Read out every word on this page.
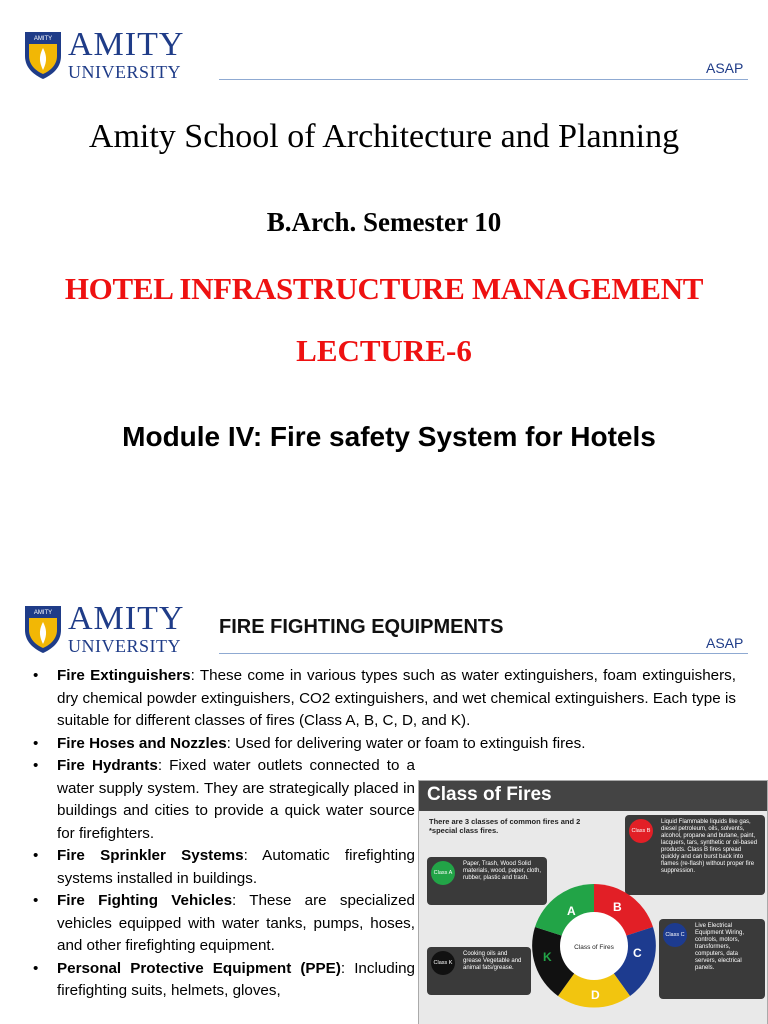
AMITY AMITY
UNIVERSITY	ASAP
Amity School of Architecture and Planning
B.Arch. Semester 10
HOTEL INFRASTRUCTURE MANAGEMENT
LECTURE-6
Module IV: Fire safety System for Hotels
AMITY AMITY
UNIVERSITY
FIRE FIGHTING EQUIPMENTS
ASAP
• Fire Extinguishers: These come in various types such as water extinguishers, foam extinguishers, dry chemical powder extinguishers, CO2 extinguishers, and wet chemical extinguishers. Each type is suitable for different classes of fires (Class A, B, C, D, and K).
• Fire Hoses and Nozzles: Used for delivering water or foam to extinguish fires.
• Fire Hydrants: Fixed water outlets connected to a water supply system. They are strategically placed in buildings and cities to provide a quick water source for firefighters.
• Fire Sprinkler Systems: Automatic firefighting systems installed in buildings.
• Fire Fighting Vehicles: These are specialized vehicles equipped with water tanks, pumps, hoses, and other firefighting equipment.
• Personal Protective Equipment (PPE): Including firefighting suits, helmets, gloves,
Class of Fires
There are 3 classes of common fires and 2 *special class fires.	Class B
Liquid Flammable liquids like gas, diesel petroleum, oils, solvents, alcohol, propane and butane, paint, lacquers, tars, synthetic or oil-based products. Class B fires spread quickly and can burst back into flames (re-flash) without proper fire suppression.
Class A
Paper, Trash, Wood Solid materials, wood, paper, cloth, rubber, plastic and trash.
Class C
Live Electrical Equipment Wiring, controls, motors, transformers, computers, data servers, electrical panels.
Class K
Cooking oils and grease Vegetable and animal fats/grease.
Class of Fires
A	B
C
D
K
